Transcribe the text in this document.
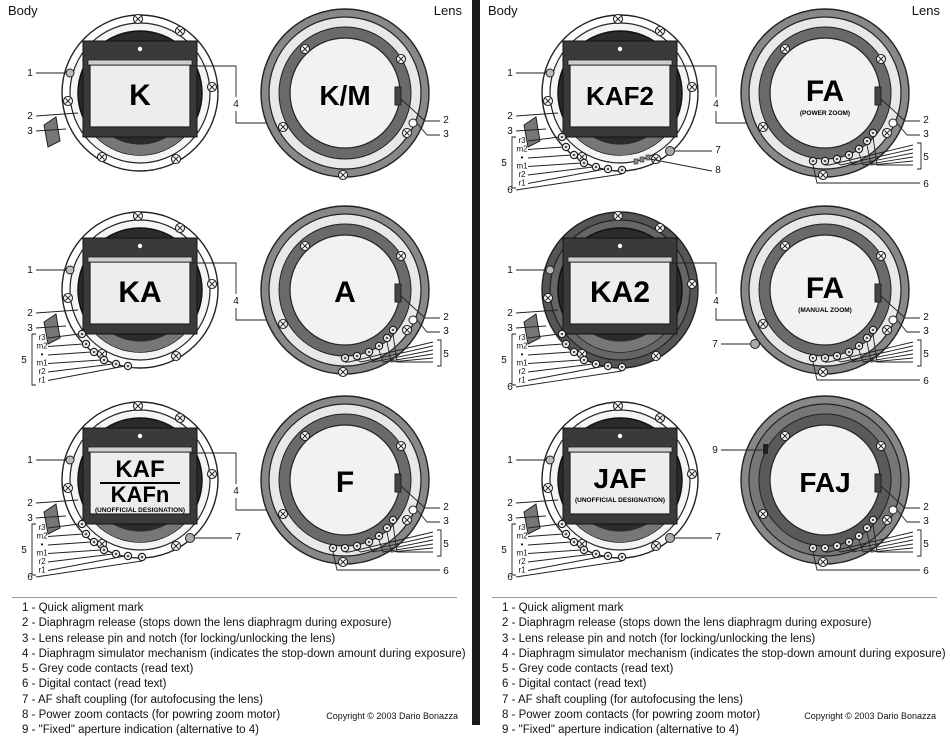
Body	Lens
1
2
3
4
K
2
3
K/M
1
2
3
4
r3
m2
•
m1
r2
r1
5
KA
2
3
5
A
1
2
3
4
r3
m2
•
m1
r2
r1
5
6
7
KAF
KAFn
(UNOFFICIAL DESIGNATION)	2
3
5
6
F
1 - Quick aligment mark
2 - Diaphragm release (stops down the lens diaphragm during exposure)
3 - Lens release pin and notch (for locking/unlocking the lens)
4 - Diaphragm simulator mechanism (indicates the stop-down amount during exposure)
5 - Grey code contacts (read text)
6 - Digital contact (read text)
7 - AF shaft coupling (for autofocusing the lens)
8 - Power zoom contacts (for powring zoom motor)
9 - "Fixed" aperture indication (alternative to 4)
Copyright © 2003 Dario Bonazza
Body	Lens
1
2
3
4
r3
m2
•
m1
r2
r1
5
6
7
8
KAF2
2
3
5
6
FA
(POWER ZOOM)
1
2
3
4
r3
m2
•
m1
r2
r1
5
6
KA2
2
3
5
6
7
FA
(MANUAL ZOOM)
1
2
3
r3
m2
•
m1
r2
r1
5
6
7
JAF
(UNOFFICIAL DESIGNATION)
2
3
5
6
9
FAJ
1 - Quick aligment mark
2 - Diaphragm release (stops down the lens diaphragm during exposure)
3 - Lens release pin and notch (for locking/unlocking the lens)
4 - Diaphragm simulator mechanism (indicates the stop-down amount during exposure)
5 - Grey code contacts (read text)
6 - Digital contact (read text)
7 - AF shaft coupling (for autofocusing the lens)
8 - Power zoom contacts (for powring zoom motor)
9 - "Fixed" aperture indication (alternative to 4)
Copyright © 2003 Dario Bonazza
